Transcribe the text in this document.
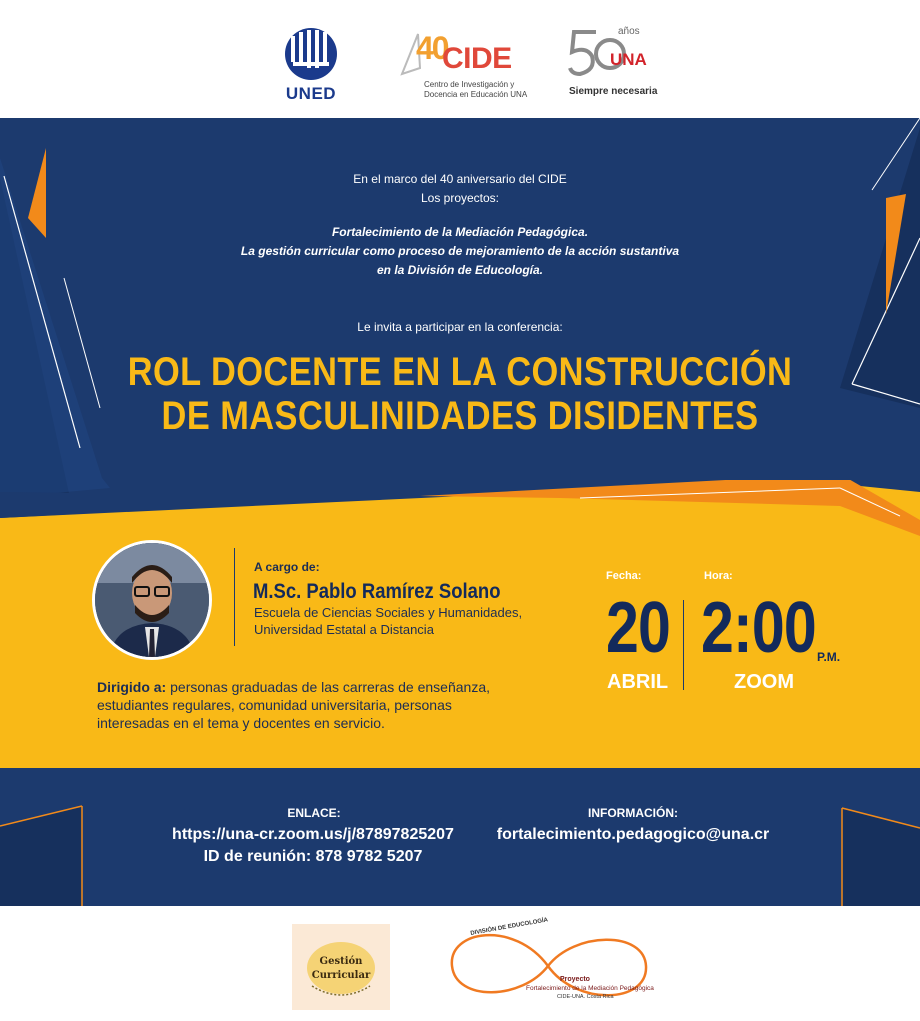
UNED
40
CIDE
Centro de Investigación y
Docencia en Educación UNA
años
UNA
Siempre necesaria
En el marco del 40 aniversario del CIDE
Los proyectos:
Fortalecimiento de la Mediación Pedagógica.
La gestión curricular como proceso de mejoramiento de la acción sustantiva
en la División de Educología.
Le invita a participar en la conferencia:
ROL DOCENTE EN LA CONSTRUCCIÓN
DE MASCULINIDADES DISIDENTES
A cargo de:
M.Sc. Pablo Ramírez Solano
Escuela de Ciencias Sociales y Humanidades,
Universidad Estatal a Distancia
Dirigido a: personas graduadas de las carreras de enseñanza, estudiantes regulares, comunidad universitaria, personas interesadas en el tema y docentes en servicio.
Fecha:	Hora:
20 2:00 P.M.
ABRIL	ZOOM
ENLACE:
https://una-cr.zoom.us/j/87897825207
ID de reunión: 878 9782 5207
INFORMACIÓN:
fortalecimiento.pedagogico@una.cr
Gestión
Curricular
DIVISIÓN DE EDUCOLOGÍA
Proyecto
Fortalecimiento de la Mediación Pedagógica
CIDE-UNA. Costa Rica
